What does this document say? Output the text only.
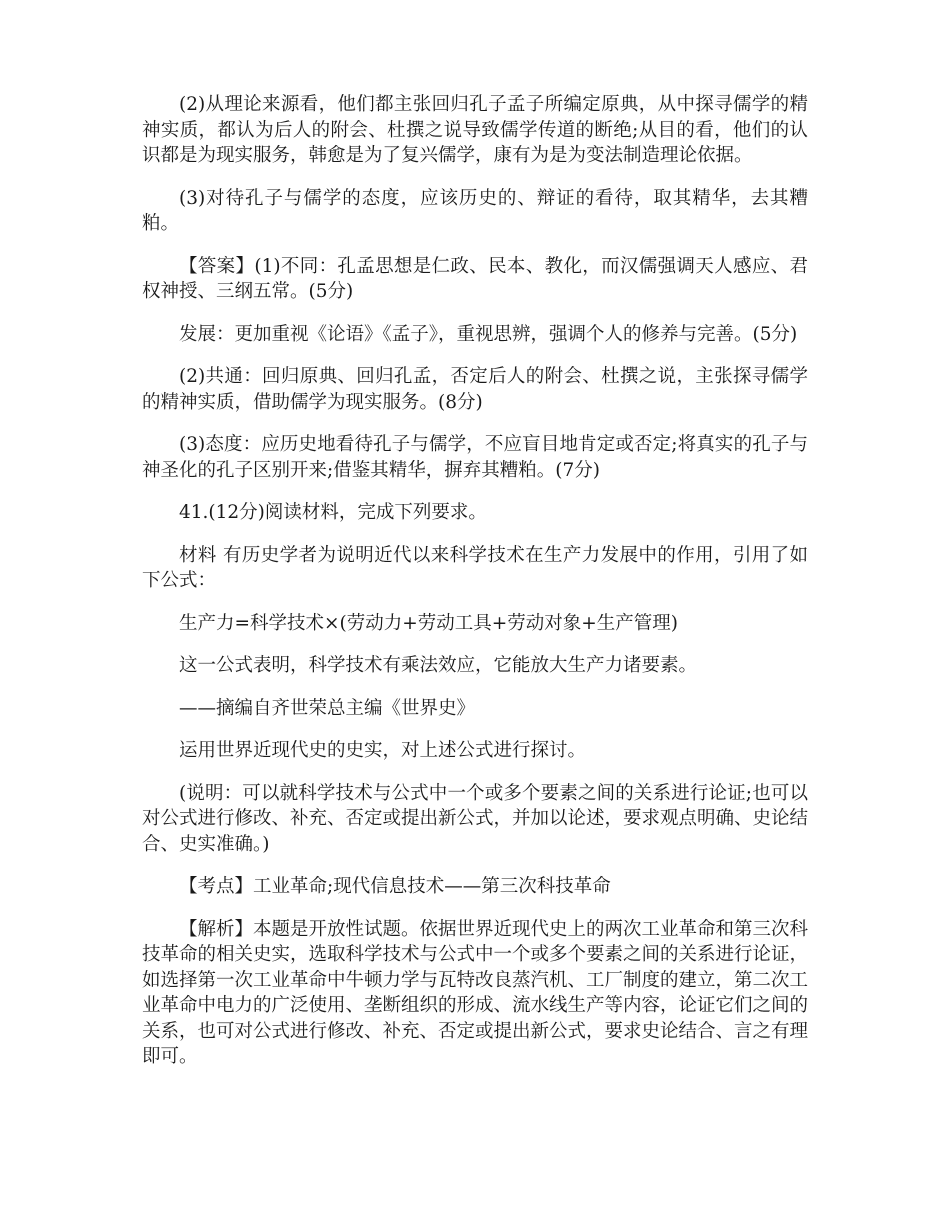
(2)从理论来源看，他们都主张回归孔子孟子所编定原典，从中探寻儒学的精神实质，都认为后人的附会、杜撰之说导致儒学传道的断绝;从目的看，他们的认识都是为现实服务，韩愈是为了复兴儒学，康有为是为变法制造理论依据。

(3)对待孔子与儒学的态度，应该历史的、辩证的看待，取其精华，去其糟粕。

【答案】(1)不同：孔孟思想是仁政、民本、教化，而汉儒强调天人感应、君权神授、三纲五常。(5分)

发展：更加重视《论语》《孟子》，重视思辨，强调个人的修养与完善。(5分)

(2)共通：回归原典、回归孔孟，否定后人的附会、杜撰之说，主张探寻儒学的精神实质，借助儒学为现实服务。(8分)

(3)态度：应历史地看待孔子与儒学，不应盲目地肯定或否定;将真实的孔子与神圣化的孔子区别开来;借鉴其精华，摒弃其糟粕。(7分)

41.(12分)阅读材料，完成下列要求。

材料 有历史学者为说明近代以来科学技术在生产力发展中的作用，引用了如下公式：

生产力=科学技术×(劳动力+劳动工具+劳动对象+生产管理)

这一公式表明，科学技术有乘法效应，它能放大生产力诸要素。

——摘编自齐世荣总主编《世界史》

运用世界近现代史的史实，对上述公式进行探讨。

(说明：可以就科学技术与公式中一个或多个要素之间的关系进行论证;也可以对公式进行修改、补充、否定或提出新公式，并加以论述，要求观点明确、史论结合、史实准确。)

【考点】工业革命;现代信息技术——第三次科技革命

【解析】本题是开放性试题。依据世界近现代史上的两次工业革命和第三次科技革命的相关史实，选取科学技术与公式中一个或多个要素之间的关系进行论证，如选择第一次工业革命中牛顿力学与瓦特改良蒸汽机、工厂制度的建立，第二次工业革命中电力的广泛使用、垄断组织的形成、流水线生产等内容，论证它们之间的关系，也可对公式进行修改、补充、否定或提出新公式，要求史论结合、言之有理即可。
